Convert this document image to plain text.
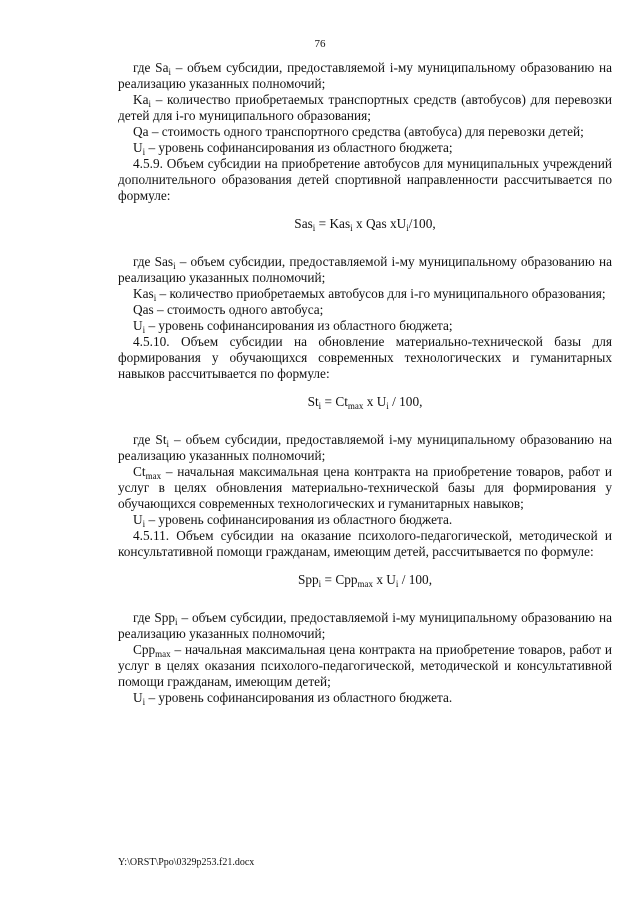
76
где $Sa_i$ – объем субсидии, предоставляемой i-му муниципальному образованию на реализацию указанных полномочий;
$Ka_i$ – количество приобретаемых транспортных средств (автобусов) для перевозки детей для i-го муниципального образования;
Qa – стоимость одного транспортного средства (автобуса) для перевозки детей;
$U_i$ – уровень софинансирования из областного бюджета;
4.5.9. Объем субсидии на приобретение автобусов для муниципальных учреждений дополнительного образования детей спортивной направленности рассчитывается по формуле:
Sas$_i$ = Kas$_i$ x Qas $xU_i/100$,
где Sas$_i$ – объем субсидии, предоставляемой i-му муниципальному образованию на реализацию указанных полномочий;
Kas$_i$ – количество приобретаемых автобусов для i-го муниципального образования;
Qas – стоимость одного автобуса;
$U_i$ – уровень софинансирования из областного бюджета;
4.5.10. Объем субсидии на обновление материально-технической базы для формирования у обучающихся современных технологических и гуманитарных навыков рассчитывается по формуле:
$St_i = Ct_{max}$ x $U_i / 100$,
где $St_i$ – объем субсидии, предоставляемой i-му муниципальному образованию на реализацию указанных полномочий;
$Ct_{max}$ – начальная максимальная цена контракта на приобретение товаров, работ и услуг в целях обновления материально-технической базы для формирования у обучающихся современных технологических и гуманитарных навыков;
$U_i$ – уровень софинансирования из областного бюджета.
4.5.11. Объем субсидии на оказание психолого-педагогической, методической и консультативной помощи гражданам, имеющим детей, рассчитывается по формуле:
Spp$_i$ = Cpp$_{max}$ x $U_i / 100$,
где Spp$_i$ – объем субсидии, предоставляемой i-му муниципальному образованию на реализацию указанных полномочий;
Cpp$_{max}$ – начальная максимальная цена контракта на приобретение товаров, работ и услуг в целях оказания психолого-педагогической, методической и консультативной помощи гражданам, имеющим детей;
$U_i$ – уровень софинансирования из областного бюджета.
Y:\ORST\Ppo\0329p253.f21.docx
